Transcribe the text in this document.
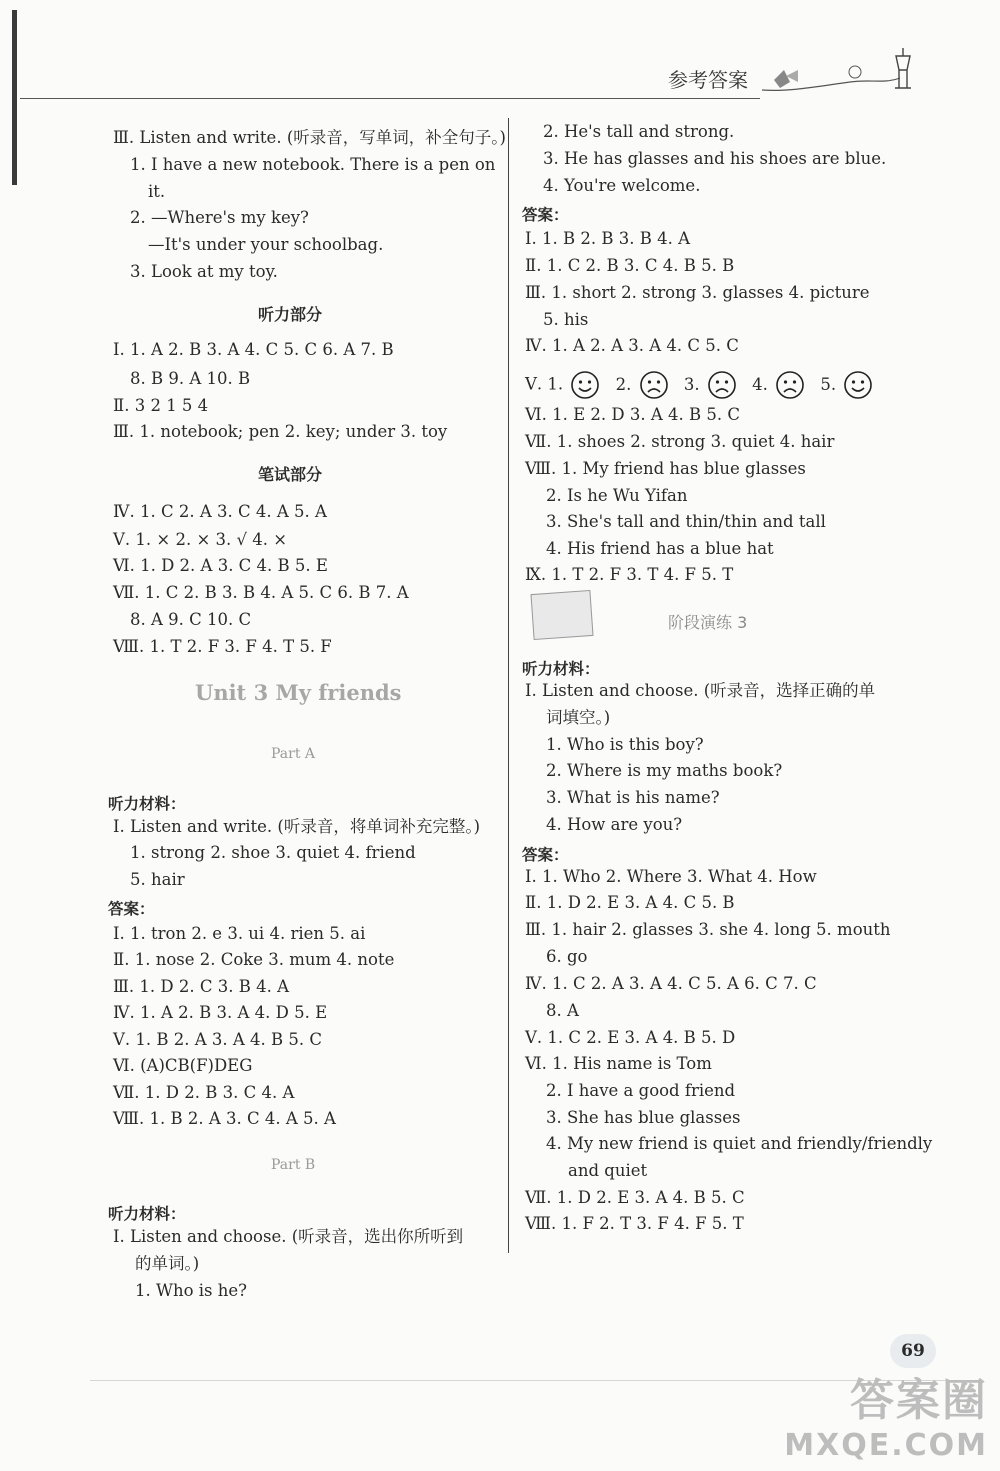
参考答案
Ⅲ. Listen and write. (听录音，写单词，补全句子。)
1. I have a new notebook. There is a pen on
it.
2. —Where's my key?
—It's under your schoolbag.
3. Look at my toy.
听力部分
Ⅰ. 1. A 2. B 3. A 4. C 5. C 6. A 7. B
8. B 9. A 10. B
Ⅱ. 3 2 1 5 4
Ⅲ. 1. notebook; pen 2. key; under 3. toy
笔试部分
Ⅳ. 1. C 2. A 3. C 4. A 5. A
Ⅴ. 1. × 2. × 3. √ 4. ×
Ⅵ. 1. D 2. A 3. C 4. B 5. E
Ⅶ. 1. C 2. B 3. B 4. A 5. C 6. B 7. A
8. A 9. C 10. C
Ⅷ. 1. T 2. F 3. F 4. T 5. F
Unit 3 My friends
Part A
听力材料：
Ⅰ. Listen and write. (听录音，将单词补充完整。)
1. strong 2. shoe 3. quiet 4. friend
5. hair
答案：
Ⅰ. 1. tron 2. e 3. ui 4. rien 5. ai
Ⅱ. 1. nose 2. Coke 3. mum 4. note
Ⅲ. 1. D 2. C 3. B 4. A
Ⅳ. 1. A 2. B 3. A 4. D 5. E
Ⅴ. 1. B 2. A 3. A 4. B 5. C
Ⅵ. (A)CB(F)DEG
Ⅶ. 1. D 2. B 3. C 4. A
Ⅷ. 1. B 2. A 3. C 4. A 5. A
Part B
听力材料：
Ⅰ. Listen and choose. (听录音，选出你所听到
的单词。)
1. Who is he?
2. He's tall and strong.
3. He has glasses and his shoes are blue.
4. You're welcome.
答案：
Ⅰ. 1. B 2. B 3. B 4. A
Ⅱ. 1. C 2. B 3. C 4. B 5. B
Ⅲ. 1. short 2. strong 3. glasses 4. picture
5. his
Ⅳ. 1. A 2. A 3. A 4. C 5. C
Ⅴ. 1.	2.	3.	4.	5.
Ⅵ. 1. E 2. D 3. A 4. B 5. C
Ⅶ. 1. shoes 2. strong 3. quiet 4. hair
Ⅷ. 1. My friend has blue glasses
2. Is he Wu Yifan
3. She's tall and thin/thin and tall
4. His friend has a blue hat
Ⅸ. 1. T 2. F 3. T 4. F 5. T
阶段演练 3
听力材料：
Ⅰ. Listen and choose. (听录音，选择正确的单
词填空。)
1. Who is this boy?
2. Where is my maths book?
3. What is his name?
4. How are you?
答案：
Ⅰ. 1. Who 2. Where 3. What 4. How
Ⅱ. 1. D 2. E 3. A 4. C 5. B
Ⅲ. 1. hair 2. glasses 3. she 4. long 5. mouth
6. go
Ⅳ. 1. C 2. A 3. A 4. C 5. A 6. C 7. C
8. A
Ⅴ. 1. C 2. E 3. A 4. B 5. D
Ⅵ. 1. His name is Tom
2. I have a good friend
3. She has blue glasses
4. My new friend is quiet and friendly/friendly
and quiet
Ⅶ. 1. D 2. E 3. A 4. B 5. C
Ⅷ. 1. F 2. T 3. F 4. F 5. T
69
答案圈
MXQE.COM
